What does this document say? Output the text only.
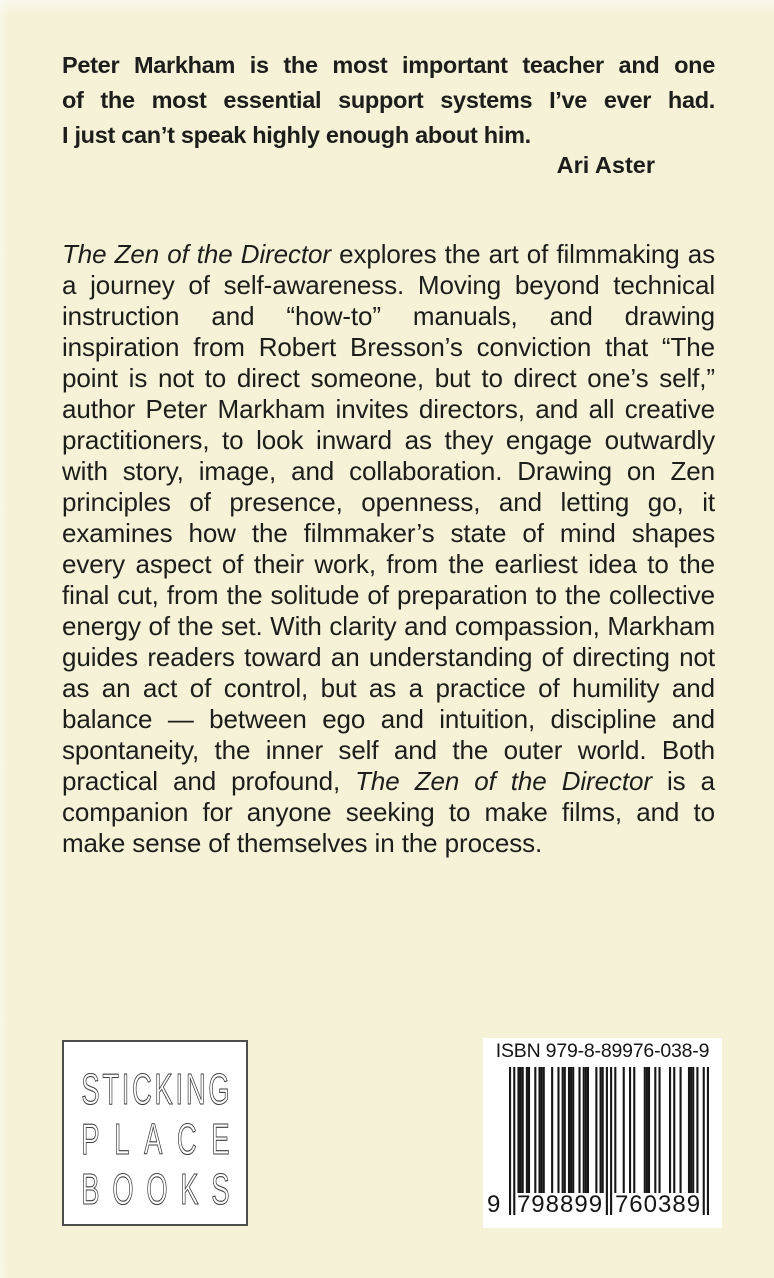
Peter Markham is the most important teacher and one
of the most essential support systems I’ve ever had.
I just can’t speak highly enough about him.
Ari Aster
The Zen of the Director explores the art of filmmaking as a journey of self-awareness. Moving beyond technical instruction and “how-to” manuals, and drawing inspiration from Robert Bresson’s conviction that “The point is not to direct someone, but to direct one’s self,” author Peter Markham invites directors, and all creative practitioners, to look inward as they engage outwardly with story, image, and collaboration. Drawing on Zen principles of presence, openness, and letting go, it examines how the filmmaker’s state of mind shapes every aspect of their work, from the earliest idea to the final cut, from the solitude of preparation to the collective energy of the set. With clarity and compassion, Markham guides readers toward an understanding of directing not as an act of control, but as a practice of humility and balance — between ego and intuition, discipline and spontaneity, the inner self and the outer world. Both practical and profound, The Zen of the Director is a companion for anyone seeking to make films, and to make sense of themselves in the process.
STICKING
PLACE
BOOKS
ISBN 979-8-89976-038-9
9 798899 760389
